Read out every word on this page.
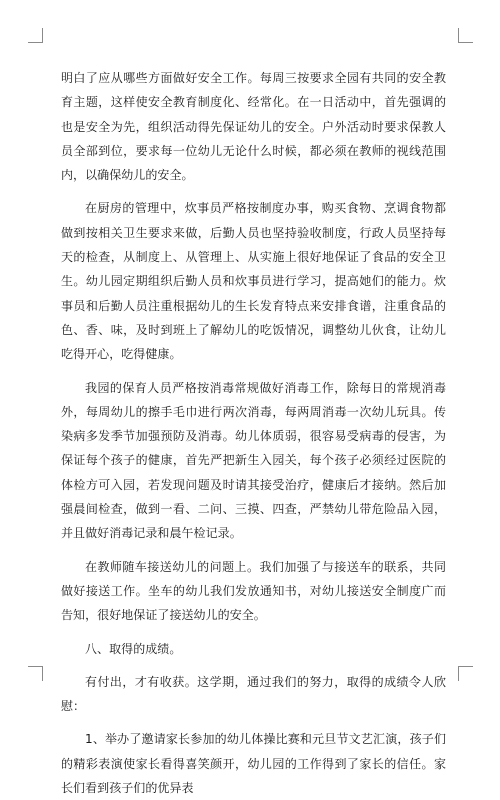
明白了应从哪些方面做好安全工作。每周三按要求全园有共同的安全教育主题，这样使安全教育制度化、经常化。在一日活动中，首先强调的也是安全为先，组织活动得先保证幼儿的安全。户外活动时要求保教人员全部到位，要求每一位幼儿无论什么时候，都必须在教师的视线范围内，以确保幼儿的安全。

在厨房的管理中，炊事员严格按制度办事，购买食物、烹调食物都做到按相关卫生要求来做，后勤人员也坚持验收制度，行政人员坚持每天的检查，从制度上、从管理上、从实施上很好地保证了食品的安全卫生。幼儿园定期组织后勤人员和炊事员进行学习，提高她们的能力。炊事员和后勤人员注重根据幼儿的生长发育特点来安排食谱，注重食品的色、香、味，及时到班上了解幼儿的吃饭情况，调整幼儿伙食，让幼儿吃得开心，吃得健康。

我园的保育人员严格按消毒常规做好消毒工作，除每日的常规消毒外，每周幼儿的擦手毛巾进行两次消毒，每两周消毒一次幼儿玩具。传染病多发季节加强预防及消毒。幼儿体质弱，很容易受病毒的侵害，为保证每个孩子的健康，首先严把新生入园关，每个孩子必须经过医院的体检方可入园，若发现问题及时请其接受治疗，健康后才接纳。然后加强晨间检查，做到一看、二问、三摸、四查，严禁幼儿带危险品入园，并且做好消毒记录和晨午检记录。

在教师随车接送幼儿的问题上。我们加强了与接送车的联系，共同做好接送工作。坐车的幼儿我们发放通知书，对幼儿接送安全制度广而告知，很好地保证了接送幼儿的安全。

八、取得的成绩。

有付出，才有收获。这学期，通过我们的努力，取得的成绩令人欣慰：

1、举办了邀请家长参加的幼儿体操比赛和元旦节文艺汇演，孩子们的精彩表演使家长看得喜笑颜开，幼儿园的工作得到了家长的信任。家长们看到孩子们的优异表
